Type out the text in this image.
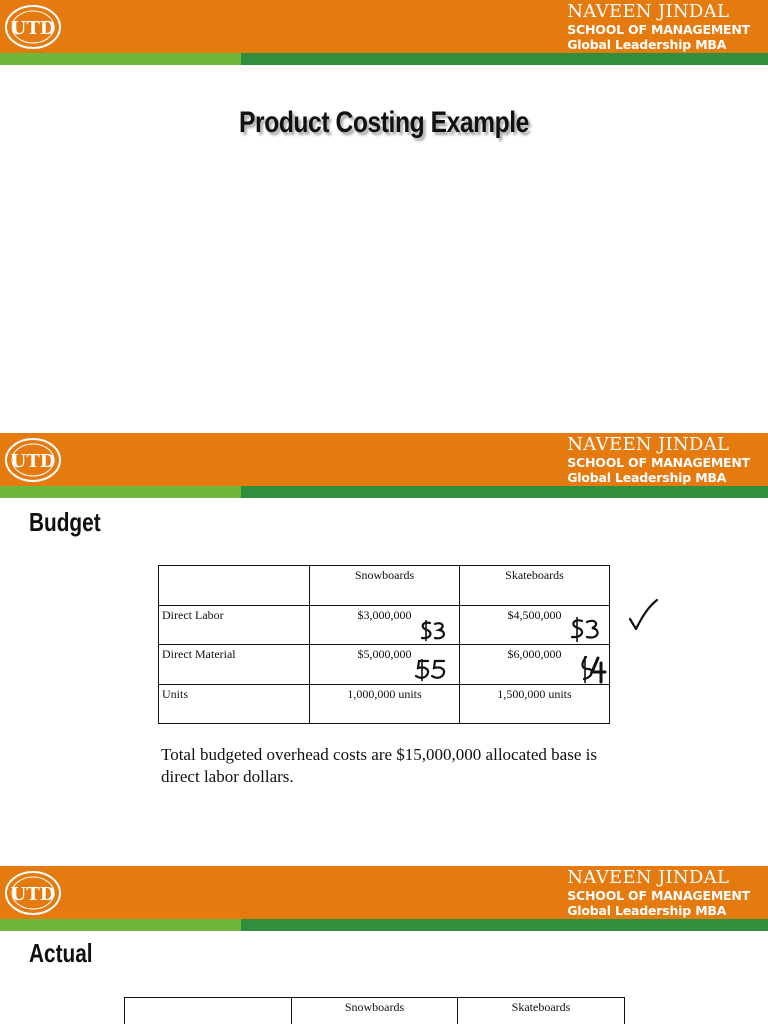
UTD
NAVEEN JINDAL
SCHOOL OF MANAGEMENT
Global Leadership MBA
Product Costing Example
UTD
NAVEEN JINDAL
SCHOOL OF MANAGEMENT
Global Leadership MBA
Budget
	Snowboards	Skateboards
Direct Labor	$3,000,000	$4,500,000
Direct Material	$5,000,000	$6,000,000
Units	1,000,000 units	1,500,000 units

Total budgeted overhead costs are $15,000,000 allocated base is direct labor dollars.

UTD
NAVEEN JINDAL
SCHOOL OF MANAGEMENT
Global Leadership MBA
Actual
	Snowboards	Skateboards
